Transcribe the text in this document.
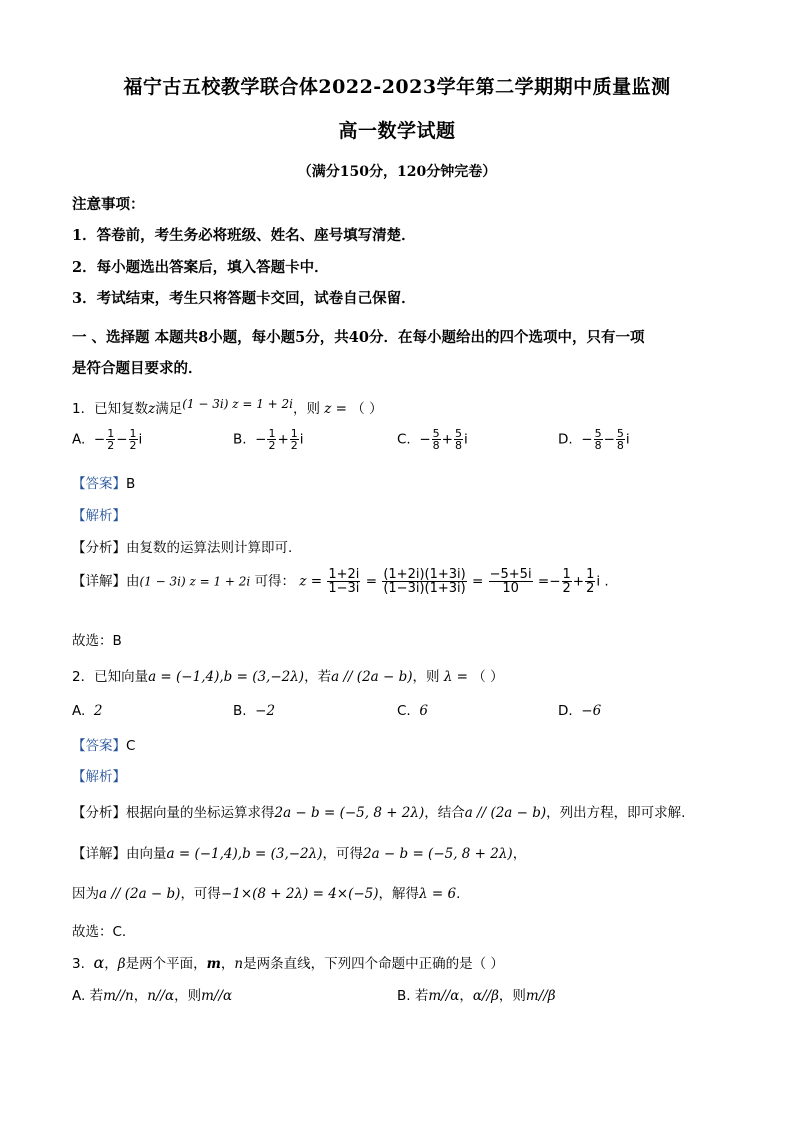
福宁古五校教学联合体2022-2023学年第二学期期中质量监测
高一数学试题
（满分150分，120分钟完卷）
注意事项：
1．答卷前，考生务必将班级、姓名、座号填写清楚．
2．每小题选出答案后，填入答题卡中．
3．考试结束，考生只将答题卡交回，试卷自己保留．
一 、选择题 本题共8小题，每小题5分，共40分．在每小题给出的四个选项中，只有一项
是符合题目要求的．
1．已知复数z满足(1 − 3i) z = 1 + 2i，则 z = （ ）
A. − $\frac{1}{2} - \frac{1}{2}$ i	B. − $\frac{1}{2} + \frac{1}{2}$ i	C. − $\frac{5}{8} + \frac{5}{8}$ i	D. − $\frac{5}{8} - \frac{5}{8}$ i
【答案】B
【解析】
【分析】由复数的运算法则计算即可.
【详解】由(1 − 3i) z = 1 + 2i 可得： $z = \frac{1+2i}{1-3i} = \frac{(1+2i)(1+3i)}{(1-3i)(1+3i)} = \frac{-5+5i}{10} =- \frac{1}{2} + \frac{1}{2}$ i .
故选：B
2．已知向量a = (−1,4),b = (3,−2λ)，若a // (2a − b)，则 λ = （ ）
A. 2	B. −2	C. 6	D. −6
【答案】C
【解析】
【分析】根据向量的坐标运算求得2a − b = (−5, 8 + 2λ)，结合a // (2a − b)，列出方程，即可求解.
【详解】由向量a = (−1,4),b = (3,−2λ)，可得2a − b = (−5, 8 + 2λ)，
因为a // (2a − b)，可得−1×(8 + 2λ) = 4×(−5)，解得λ = 6.
故选：C.
3. α，β是两个平面，m，n是两条直线，下列四个命题中正确的是（ ）
A. 若m//n，n//α，则m//α	B. 若m//α，α//β，则m//β
